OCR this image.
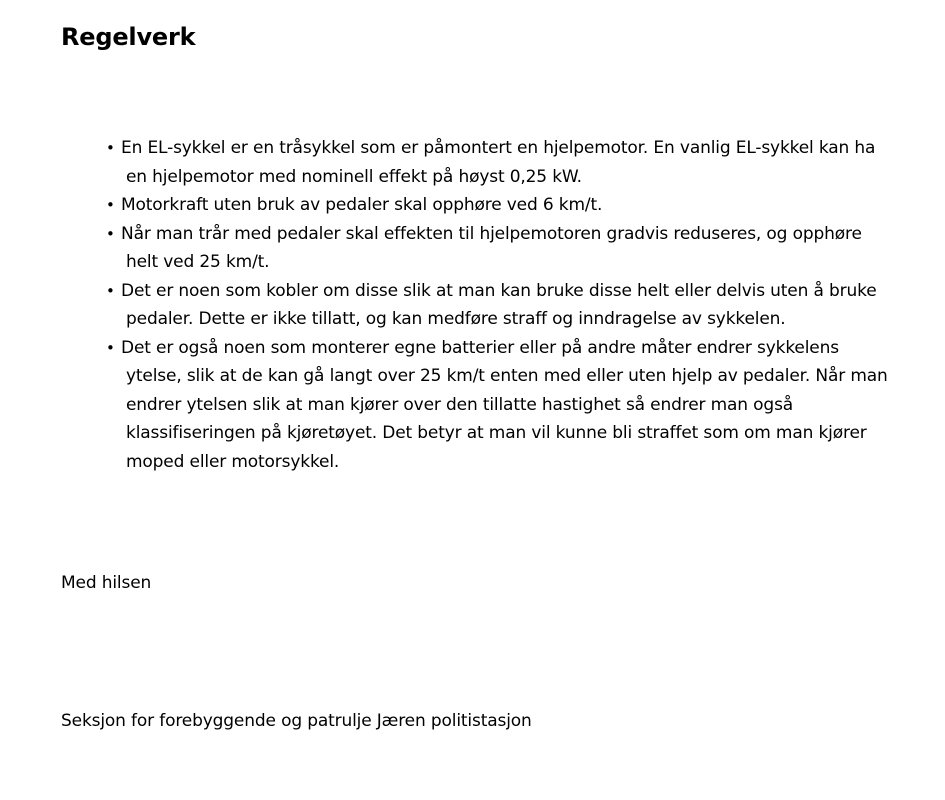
Regelverk
• En EL-sykkel er en tråsykkel som er påmontert en hjelpemotor. En vanlig EL-sykkel kan ha en hjelpemotor med nominell effekt på høyst 0,25 kW.
• Motorkraft uten bruk av pedaler skal opphøre ved 6 km/t.
• Når man trår med pedaler skal effekten til hjelpemotoren gradvis reduseres, og opphøre helt ved 25 km/t.
• Det er noen som kobler om disse slik at man kan bruke disse helt eller delvis uten å bruke pedaler. Dette er ikke tillatt, og kan medføre straff og inndragelse av sykkelen.
• Det er også noen som monterer egne batterier eller på andre måter endrer sykkelens ytelse, slik at de kan gå langt over 25 km/t enten med eller uten hjelp av pedaler. Når man endrer ytelsen slik at man kjører over den tillatte hastighet så endrer man også klassifiseringen på kjøretøyet. Det betyr at man vil kunne bli straffet som om man kjører moped eller motorsykkel.

Med hilsen

Seksjon for forebyggende og patrulje Jæren politistasjon
